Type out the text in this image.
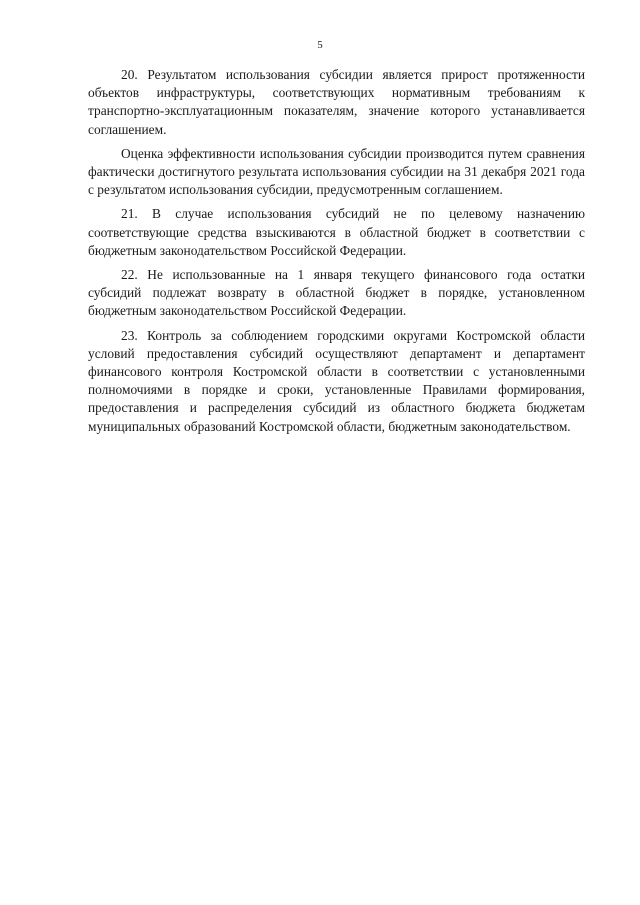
5

20. Результатом использования субсидии является прирост протяженности объектов инфраструктуры, соответствующих нормативным требованиям к транспортно-эксплуатационным показателям, значение которого устанавливается соглашением.

Оценка эффективности использования субсидии производится путем сравнения фактически достигнутого результата использования субсидии на 31 декабря 2021 года с результатом использования субсидии, предусмотренным соглашением.

21. В случае использования субсидий не по целевому назначению соответствующие средства взыскиваются в областной бюджет в соответствии с бюджетным законодательством Российской Федерации.

22. Не использованные на 1 января текущего финансового года остатки субсидий подлежат возврату в областной бюджет в порядке, установленном бюджетным законодательством Российской Федерации.

23. Контроль за соблюдением городскими округами Костромской области условий предоставления субсидий осуществляют департамент и департамент финансового контроля Костромской области в соответствии с установленными полномочиями в порядке и сроки, установленные Правилами формирования, предоставления и распределения субсидий из областного бюджета бюджетам муниципальных образований Костромской области, бюджетным законодательством.
